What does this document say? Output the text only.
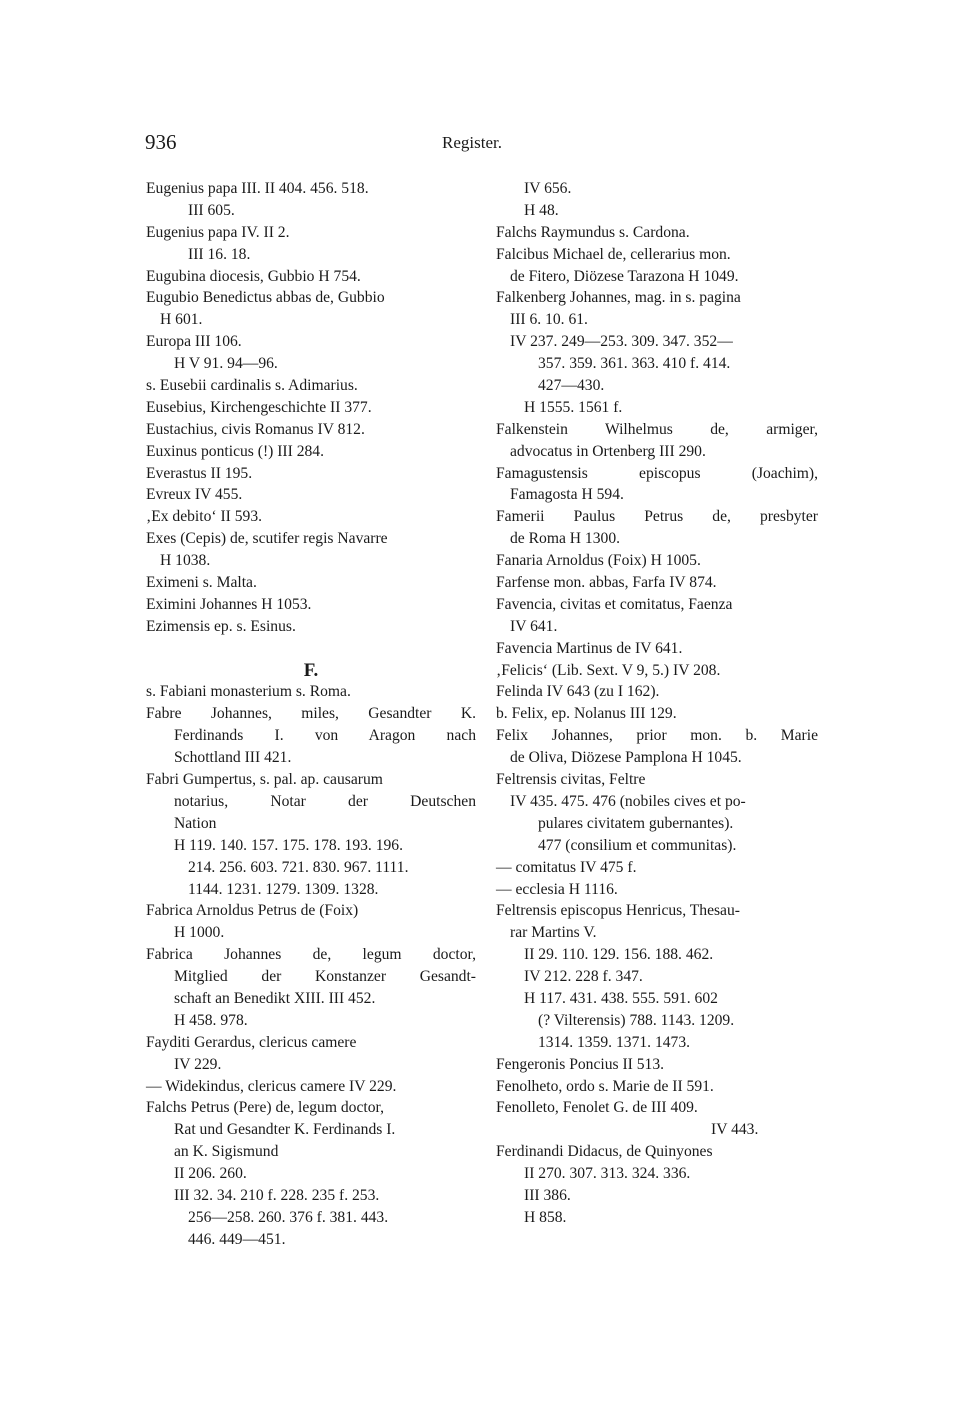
936	Register.
Eugenius papa III. II 404. 456. 518.
III 605.
Eugenius papa IV. II 2.
III 16. 18.
Eugubina diocesis, Gubbio H 754.
Eugubio Benedictus abbas de, Gubbio
H 601.
Europa III 106.
H V 91. 94—96.
s. Eusebii cardinalis s. Adimarius.
Eusebius, Kirchengeschichte II 377.
Eustachius, civis Romanus IV 812.
Euxinus ponticus (!) III 284.
Everastus II 195.
Evreux IV 455.
‚Ex debito‘ II 593.
Exes (Cepis) de, scutifer regis Navarre
H 1038.
Eximeni s. Malta.
Eximini Johannes H 1053.
Ezimensis ep. s. Esinus.
F.
s. Fabiani monasterium s. Roma.
Fabre Johannes, miles, Gesandter K.
Ferdinands I. von Aragon nach
Schottland III 421.
Fabri Gumpertus, s. pal. ap. causarum
notarius, Notar der Deutschen
Nation
H 119. 140. 157. 175. 178. 193. 196.
214. 256. 603. 721. 830. 967. 1111.
1144. 1231. 1279. 1309. 1328.
Fabrica Arnoldus Petrus de (Foix)
H 1000.
Fabrica Johannes de, legum doctor,
Mitglied der Konstanzer Gesandt-
schaft an Benedikt XIII. III 452.
H 458. 978.
Fayditi Gerardus, clericus camere
IV 229.
— Widekindus, clericus camere IV 229.
Falchs Petrus (Pere) de, legum doctor,
Rat und Gesandter K. Ferdinands I.
an K. Sigismund
II 206. 260.
III 32. 34. 210 f. 228. 235 f. 253.
256—258. 260. 376 f. 381. 443.
446. 449—451.
IV 656.
H 48.
Falchs Raymundus s. Cardona.
Falcibus Michael de, cellerarius mon.
de Fitero, Diözese Tarazona H 1049.
Falkenberg Johannes, mag. in s. pagina
III 6. 10. 61.
IV 237. 249—253. 309. 347. 352—
357. 359. 361. 363. 410 f. 414.
427—430.
H 1555. 1561 f.
Falkenstein Wilhelmus de, armiger,
advocatus in Ortenberg III 290.
Famagustensis episcopus (Joachim),
Famagosta H 594.
Famerii Paulus Petrus de, presbyter
de Roma H 1300.
Fanaria Arnoldus (Foix) H 1005.
Farfense mon. abbas, Farfa IV 874.
Favencia, civitas et comitatus, Faenza
IV 641.
Favencia Martinus de IV 641.
‚Felicis‘ (Lib. Sext. V 9, 5.) IV 208.
Felinda IV 643 (zu I 162).
b. Felix, ep. Nolanus III 129.
Felix Johannes, prior mon. b. Marie
de Oliva, Diözese Pamplona H 1045.
Feltrensis civitas, Feltre
IV 435. 475. 476 (nobiles cives et po-
pulares civitatem gubernantes).
477 (consilium et communitas).
— comitatus IV 475 f.
— ecclesia H 1116.
Feltrensis episcopus Henricus, Thesau-
rar Martins V.
II 29. 110. 129. 156. 188. 462.
IV 212. 228 f. 347.
H 117. 431. 438. 555. 591. 602
(? Vilterensis) 788. 1143. 1209.
1314. 1359. 1371. 1473.
Fengeronis Poncius II 513.
Fenolheto, ordo s. Marie de II 591.
Fenolleto, Fenolet G. de III 409.
IV 443.
Ferdinandi Didacus, de Quinyones
II 270. 307. 313. 324. 336.
III 386.
H 858.
